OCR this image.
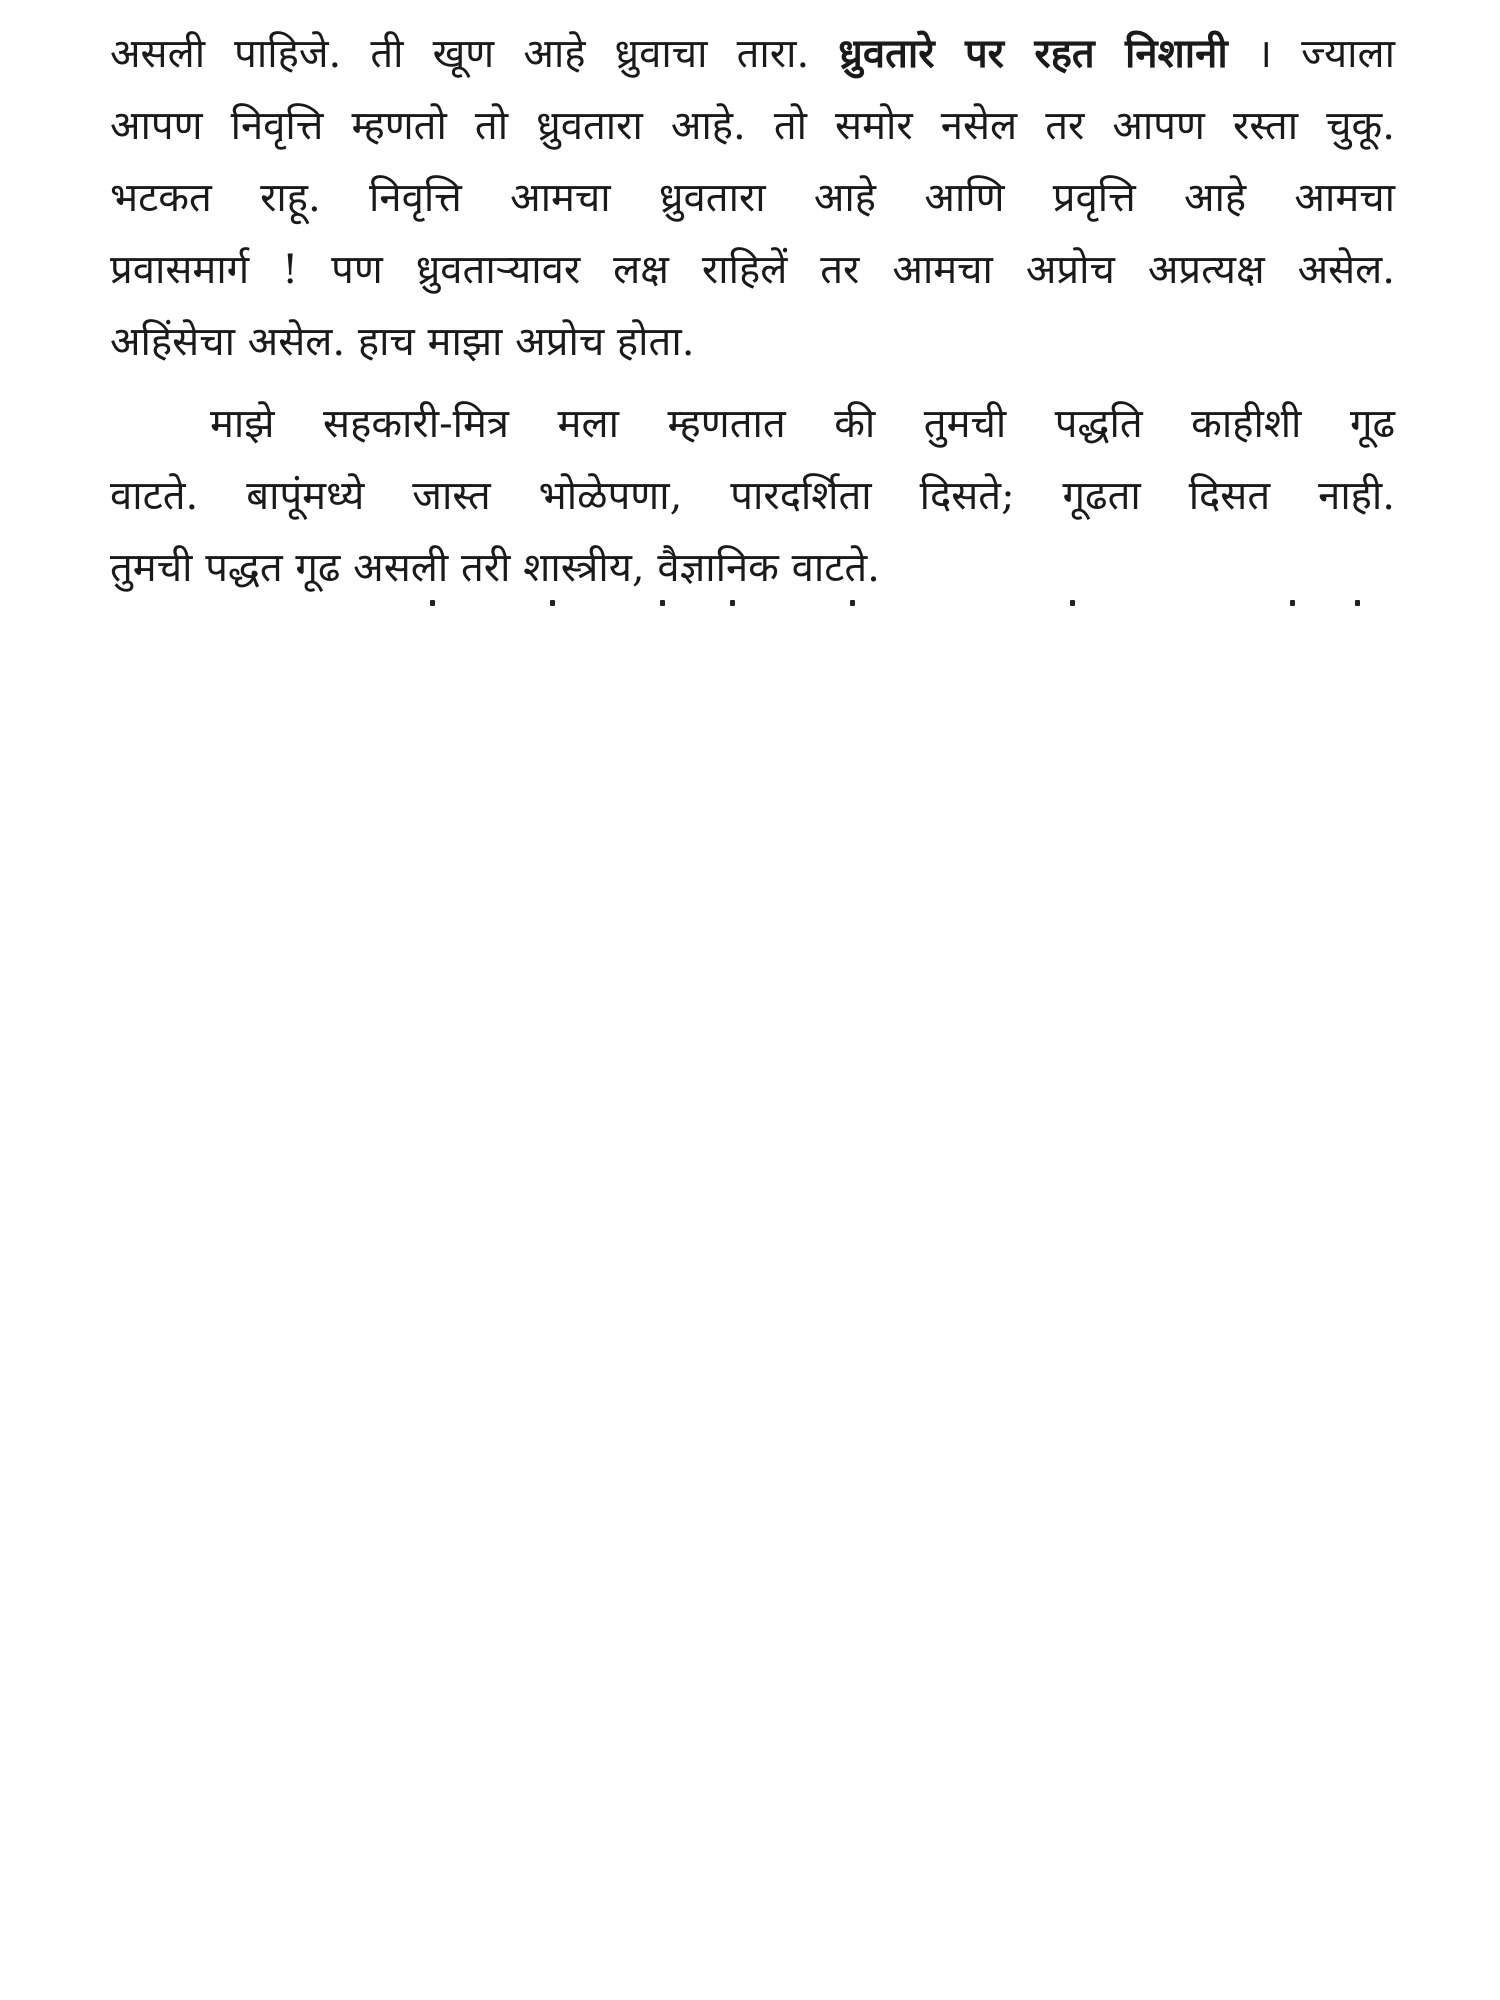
असली पाहिजे. ती खूण आहे ध्रुवाचा तारा. ध्रुवतारे पर रहत निशानी । ज्याला
आपण निवृत्ति म्हणतो तो ध्रुवतारा आहे. तो समोर नसेल तर आपण रस्ता चुकू.
भटकत राहू. निवृत्ति आमचा ध्रुवतारा आहे आणि प्रवृत्ति आहे आमचा
प्रवासमार्ग ! पण ध्रुवताऱ्यावर लक्ष राहिलें तर आमचा अप्रोच अप्रत्यक्ष असेल.
अहिंसेचा असेल. हाच माझा अप्रोच होता.

माझे सहकारी-मित्र मला म्हणतात की तुमची पद्धति काहीशी गूढ
वाटते. बापूंमध्ये जास्त भोळेपणा, पारदर्शिता दिसते; गूढता दिसत नाही.
तुमची पद्धत गूढ असली तरी शास्त्रीय, वैज्ञानिक वाटते.
